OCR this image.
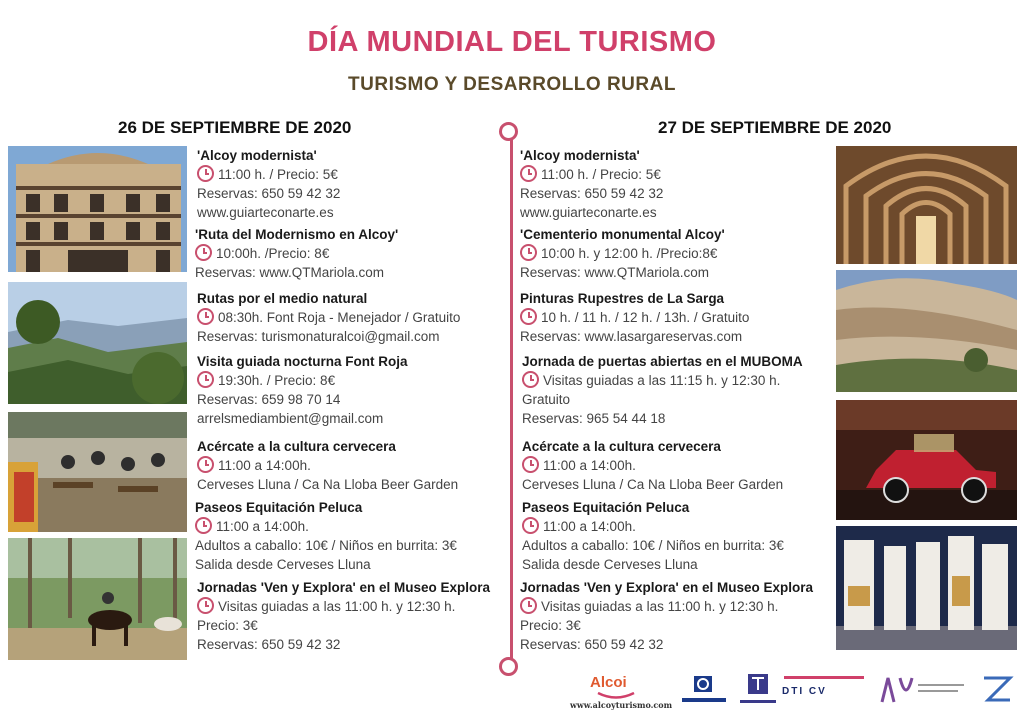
DÍA MUNDIAL DEL TURISMO
TURISMO Y DESARROLLO RURAL
26 DE SEPTIEMBRE DE 2020	27 DE SEPTIEMBRE DE 2020
'Alcoy modernista'
11:00 h. / Precio: 5€
Reservas: 650 59 42 32
www.guiarteconarte.es
'Ruta del Modernismo en Alcoy'
10:00h. /Precio: 8€
Reservas: www.QTMariola.com
Rutas por el medio natural
08:30h. Font Roja - Menejador / Gratuito
Reservas: turismonaturalcoi@gmail.com
Visita guiada nocturna Font Roja
19:30h. / Precio: 8€
Reservas: 659 98 70 14
arrelsmediambient@gmail.com
Acércate a la cultura cervecera
11:00 a 14:00h.
Cerveses Lluna / Ca Na Lloba Beer Garden
Paseos Equitación Peluca
11:00 a 14:00h.
Adultos a caballo: 10€ / Niños en burrita: 3€
Salida desde Cerveses Lluna
Jornadas 'Ven y Explora' en el Museo Explora
Visitas guiadas a las 11:00 h. y 12:30 h.
Precio: 3€
Reservas: 650 59 42 32
'Alcoy modernista'
11:00 h. / Precio: 5€
Reservas: 650 59 42 32
www.guiarteconarte.es
'Cementerio monumental Alcoy'
10:00 h. y 12:00 h. /Precio:8€
Reservas: www.QTMariola.com
Pinturas Rupestres de La Sarga
10 h. / 11 h. / 12 h. / 13h. / Gratuito
Reservas: www.lasargareservas.com
Jornada de puertas abiertas en el MUBOMA
Visitas guiadas a las 11:15 h. y 12:30 h.
Gratuito
Reservas: 965 54 44 18
Acércate a la cultura cervecera
11:00 a 14:00h.
Cerveses Lluna / Ca Na Lloba Beer Garden
Paseos Equitación Peluca
11:00 a 14:00h.
Adultos a caballo: 10€ / Niños en burrita: 3€
Salida desde Cerveses Lluna
Jornadas 'Ven y Explora' en el Museo Explora
Visitas guiadas a las 11:00 h. y 12:30 h.
Precio: 3€
Reservas: 650 59 42 32
Alcoi
www.alcoyturismo.com
DTI CV
